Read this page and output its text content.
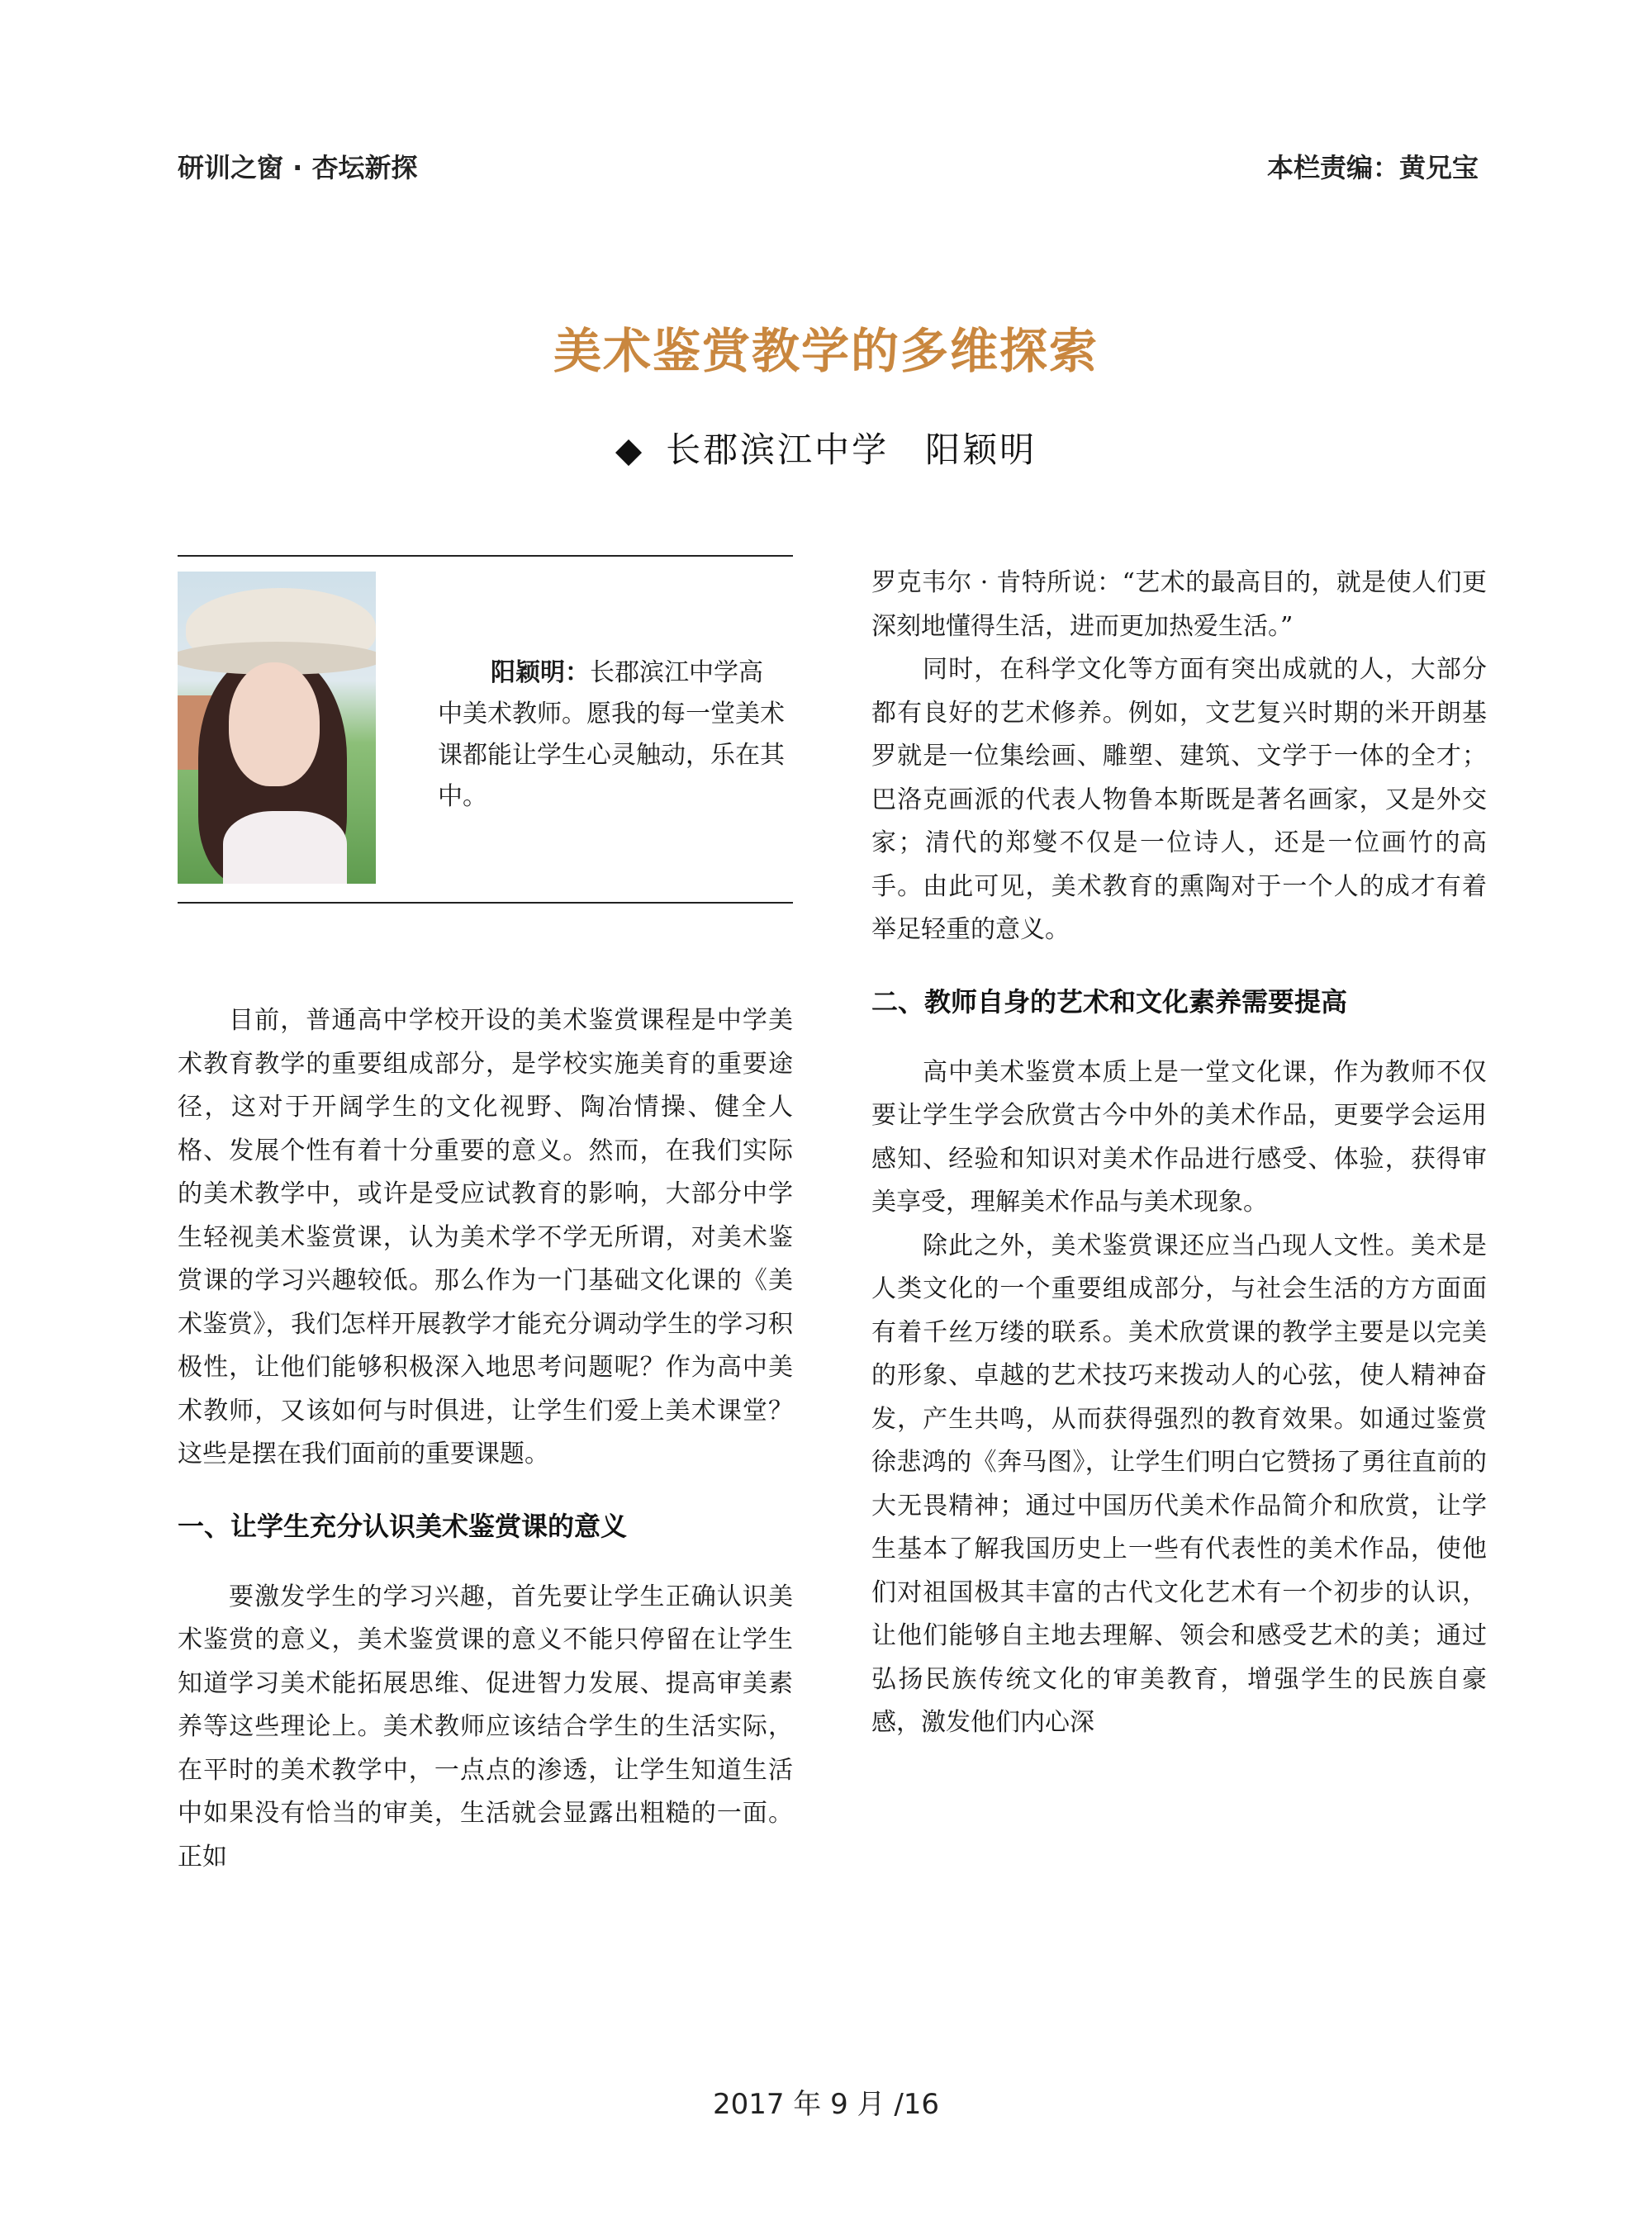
研训之窗 · 杏坛新探	本栏责编：黄兄宝
美术鉴赏教学的多维探索
◆ 长郡滨江中学 阳颖明
阳颖明：长郡滨江中学高中美术教师。愿我的每一堂美术课都能让学生心灵触动，乐在其中。

目前，普通高中学校开设的美术鉴赏课程是中学美术教育教学的重要组成部分，是学校实施美育的重要途径，这对于开阔学生的文化视野、陶冶情操、健全人格、发展个性有着十分重要的意义。然而，在我们实际的美术教学中，或许是受应试教育的影响，大部分中学生轻视美术鉴赏课，认为美术学不学无所谓，对美术鉴赏课的学习兴趣较低。那么作为一门基础文化课的《美术鉴赏》，我们怎样开展教学才能充分调动学生的学习积极性，让他们能够积极深入地思考问题呢？作为高中美术教师，又该如何与时俱进，让学生们爱上美术课堂？这些是摆在我们面前的重要课题。

一、让学生充分认识美术鉴赏课的意义

要激发学生的学习兴趣，首先要让学生正确认识美术鉴赏的意义，美术鉴赏课的意义不能只停留在让学生知道学习美术能拓展思维、促进智力发展、提高审美素养等这些理论上。美术教师应该结合学生的生活实际，在平时的美术教学中，一点点的渗透，让学生知道生活中如果没有恰当的审美，生活就会显露出粗糙的一面。正如

罗克韦尔 · 肯特所说：“艺术的最高目的，就是使人们更深刻地懂得生活，进而更加热爱生活。”

同时，在科学文化等方面有突出成就的人，大部分都有良好的艺术修养。例如，文艺复兴时期的米开朗基罗就是一位集绘画、雕塑、建筑、文学于一体的全才；巴洛克画派的代表人物鲁本斯既是著名画家，又是外交家；清代的郑燮不仅是一位诗人，还是一位画竹的高手。由此可见，美术教育的熏陶对于一个人的成才有着举足轻重的意义。

二、教师自身的艺术和文化素养需要提高

高中美术鉴赏本质上是一堂文化课，作为教师不仅要让学生学会欣赏古今中外的美术作品，更要学会运用感知、经验和知识对美术作品进行感受、体验，获得审美享受，理解美术作品与美术现象。

除此之外，美术鉴赏课还应当凸现人文性。美术是人类文化的一个重要组成部分，与社会生活的方方面面有着千丝万缕的联系。美术欣赏课的教学主要是以完美的形象、卓越的艺术技巧来拨动人的心弦，使人精神奋发，产生共鸣，从而获得强烈的教育效果。如通过鉴赏徐悲鸿的《奔马图》，让学生们明白它赞扬了勇往直前的大无畏精神；通过中国历代美术作品简介和欣赏，让学生基本了解我国历史上一些有代表性的美术作品，使他们对祖国极其丰富的古代文化艺术有一个初步的认识，让他们能够自主地去理解、领会和感受艺术的美；通过弘扬民族传统文化的审美教育，增强学生的民族自豪感，激发他们内心深

2017 年 9 月 /16
